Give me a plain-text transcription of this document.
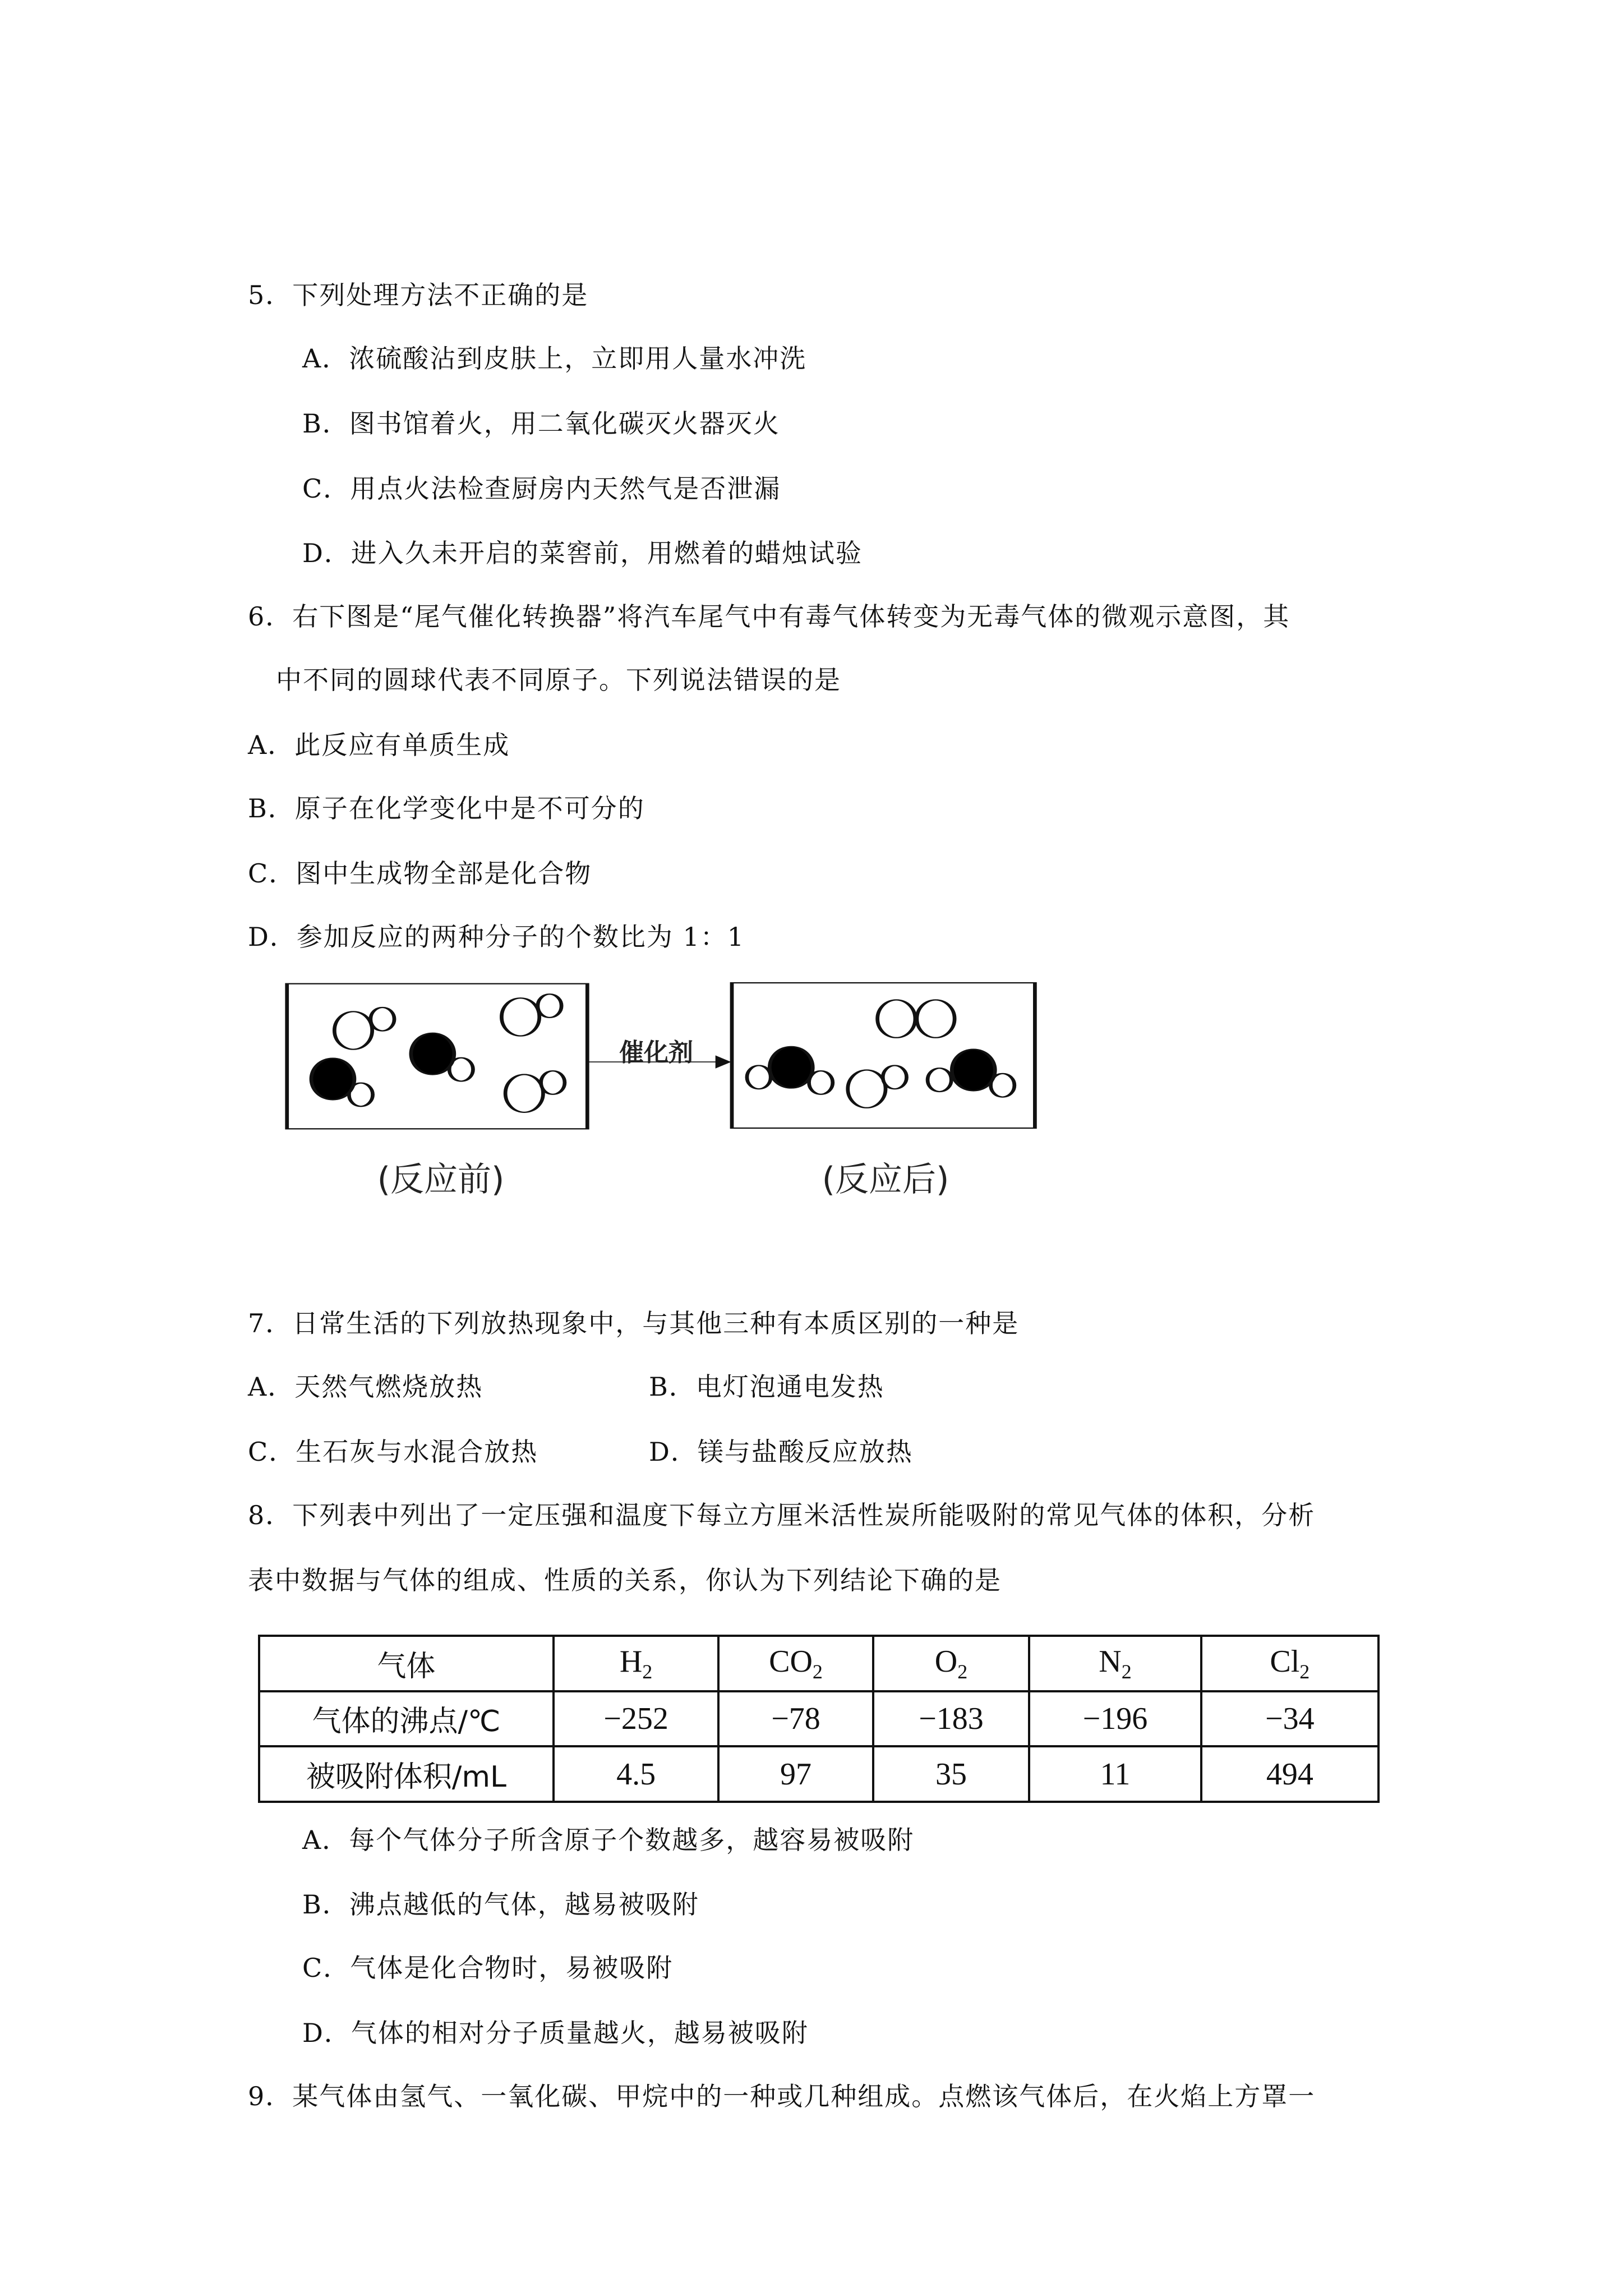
5．下列处理方法不正确的是
A．浓硫酸沾到皮肤上，立即用人量水冲洗
B．图书馆着火，用二氧化碳灭火器灭火
C．用点火法检查厨房内天然气是否泄漏
D．进入久未开启的菜窖前，用燃着的蜡烛试验
6．右下图是“尾气催化转换器”将汽车尾气中有毒气体转变为无毒气体的微观示意图，其
中不同的圆球代表不同原子。下列说法错误的是
A．此反应有单质生成
B．原子在化学变化中是不可分的
C．图中生成物全部是化合物
D．参加反应的两种分子的个数比为 1：1
催化剂
(反应前)	(反应后)
7．日常生活的下列放热现象中，与其他三种有本质区别的一种是
A．天然气燃烧放热	B．电灯泡通电发热
C．生石灰与水混合放热	D．镁与盐酸反应放热
8．下列表中列出了一定压强和温度下每立方厘米活性炭所能吸附的常见气体的体积，分析
表中数据与气体的组成、性质的关系，你认为下列结论下确的是
气体	$H_2$	$CO_2$	$O_2$	$N_2$	$Cl_2$
气体的沸点/℃	−252	−78	−183	−196	−34
被吸附体积/mL	4.5	97	35	11	494
A．每个气体分子所含原子个数越多，越容易被吸附
B．沸点越低的气体，越易被吸附
C．气体是化合物时，易被吸附
D．气体的相对分子质量越火，越易被吸附
9．某气体由氢气、一氧化碳、甲烷中的一种或几种组成。点燃该气体后，在火焰上方罩一
